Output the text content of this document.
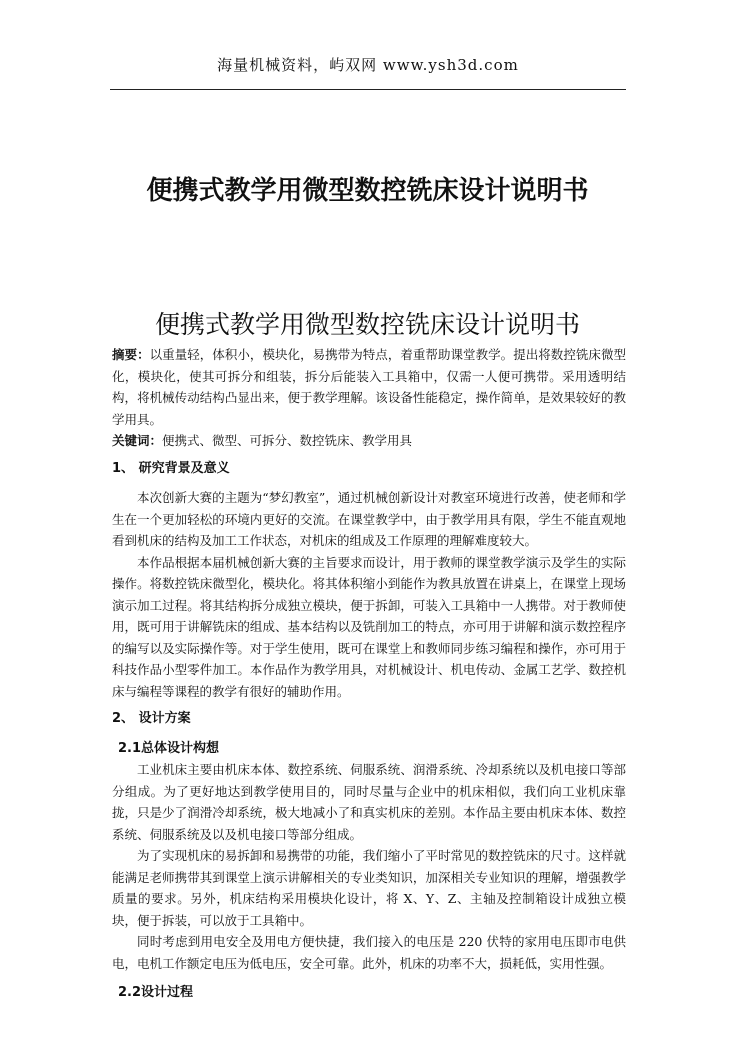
海量机械资料，屿双网 www.ysh3d.com
便携式教学用微型数控铣床设计说明书
便携式教学用微型数控铣床设计说明书

摘要：以重量轻，体积小，模块化，易携带为特点，着重帮助课堂教学。提出将数控铣床微型化，模块化，使其可拆分和组装，拆分后能装入工具箱中，仅需一人便可携带。采用透明结构，将机械传动结构凸显出来，便于教学理解。该设备性能稳定，操作简单，是效果较好的教学用具。

关键词：便携式、微型、可拆分、数控铣床、教学用具

1、 研究背景及意义

本次创新大赛的主题为“梦幻教室”，通过机械创新设计对教室环境进行改善，使老师和学生在一个更加轻松的环境内更好的交流。在课堂教学中，由于教学用具有限，学生不能直观地看到机床的结构及加工工作状态，对机床的组成及工作原理的理解难度较大。

本作品根据本届机械创新大赛的主旨要求而设计，用于教师的课堂教学演示及学生的实际操作。将数控铣床微型化，模块化。将其体积缩小到能作为教具放置在讲桌上，在课堂上现场演示加工过程。将其结构拆分成独立模块，便于拆卸，可装入工具箱中一人携带。对于教师使用，既可用于讲解铣床的组成、基本结构以及铣削加工的特点，亦可用于讲解和演示数控程序的编写以及实际操作等。对于学生使用，既可在课堂上和教师同步练习编程和操作，亦可用于科技作品小型零件加工。本作品作为教学用具，对机械设计、机电传动、金属工艺学、数控机床与编程等课程的教学有很好的辅助作用。

2、 设计方案
2.1总体设计构想

工业机床主要由机床本体、数控系统、伺服系统、润滑系统、冷却系统以及机电接口等部分组成。为了更好地达到教学使用目的，同时尽量与企业中的机床相似，我们向工业机床靠拢，只是少了润滑冷却系统，极大地减小了和真实机床的差别。本作品主要由机床本体、数控系统、伺服系统及以及机电接口等部分组成。

为了实现机床的易拆卸和易携带的功能，我们缩小了平时常见的数控铣床的尺寸。这样就能满足老师携带其到课堂上演示讲解相关的专业类知识，加深相关专业知识的理解，增强教学质量的要求。另外，机床结构采用模块化设计，将 X、Y、Z、主轴及控制箱设计成独立模块，便于拆装，可以放于工具箱中。

同时考虑到用电安全及用电方便快捷，我们接入的电压是 220 伏特的家用电压即市电供电，电机工作额定电压为低电压，安全可靠。此外，机床的功率不大，损耗低，实用性强。

2.2设计过程
